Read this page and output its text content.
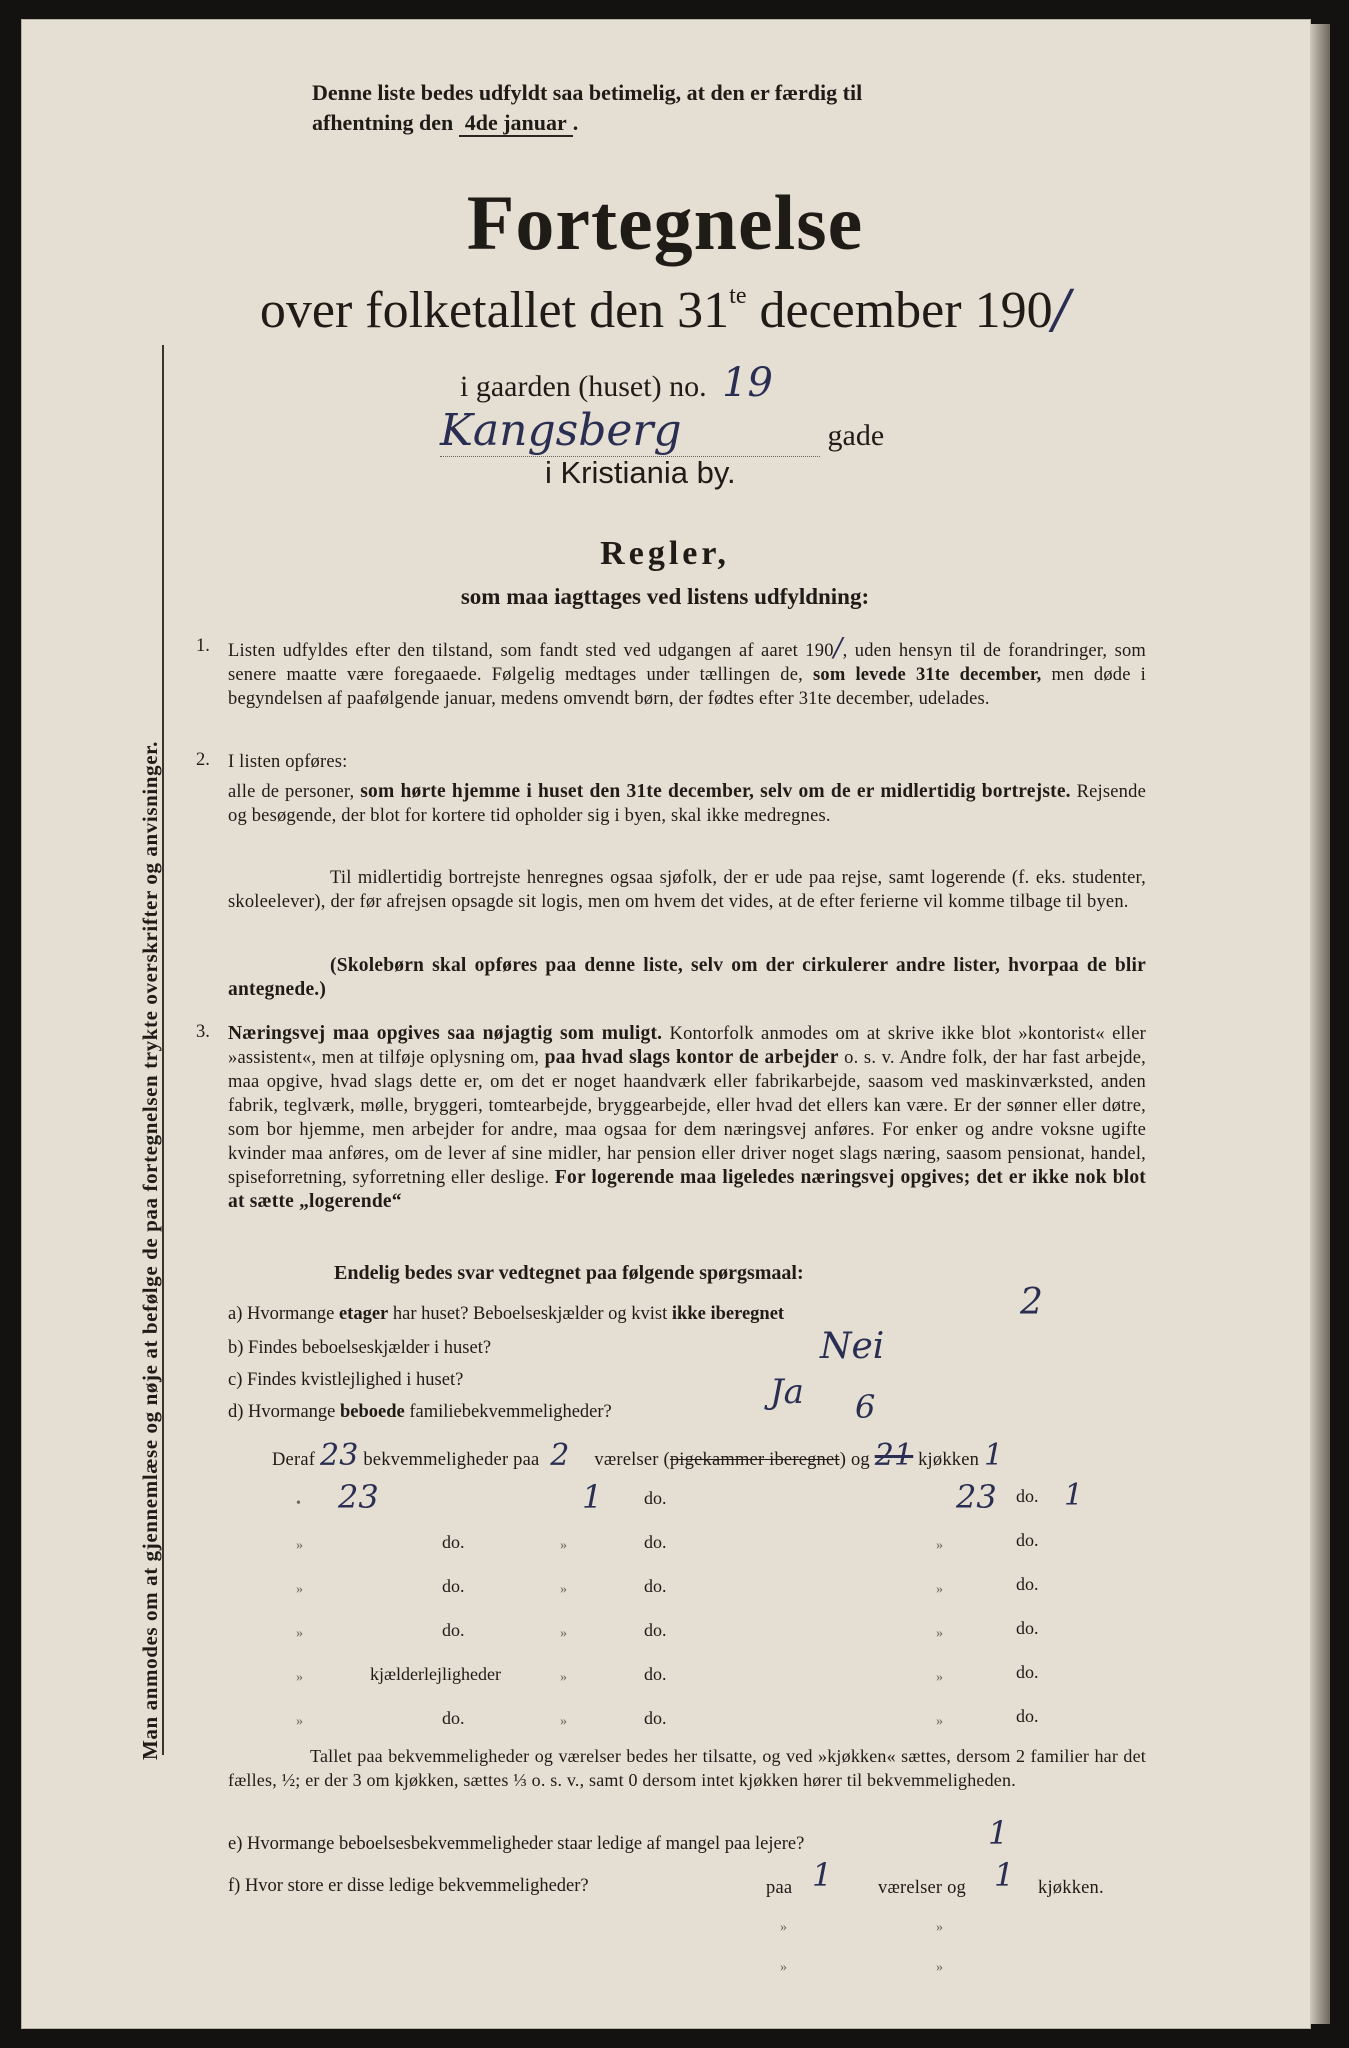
Man anmodes om at gjennemlæse og nøje at befølge de paa fortegnelsen trykte overskrifter og anvisninger.
Denne liste bedes udfyldt saa betimelig, at den er færdig til
afhentning den 4de januar .
Fortegnelse
over folketallet den $31^{te}$ december 190/
i gaarden (huset) no. 19
Kangsberg	gade
i Kristiania by.
Regler,
som maa iagttages ved listens udfyldning:
1. Listen udfyldes efter den tilstand, som fandt sted ved udgangen af aaret 190/, uden hensyn til de forandringer, som senere maatte være foregaaede. Følgelig medtages under tællingen de, som levede 31te december, men døde i begyndelsen af paafølgende januar, medens omvendt børn, der fødtes efter 31te december, udelades.
2. I listen opføres:
alle de personer, som hørte hjemme i huset den 31te december, selv om de er midlertidig bortrejste. Rejsende og besøgende, der blot for kortere tid opholder sig i byen, skal ikke medregnes.
Til midlertidig bortrejste henregnes ogsaa sjøfolk, der er ude paa rejse, samt logerende (f. eks. studenter, skoleelever), der før afrejsen opsagde sit logis, men om hvem det vides, at de efter ferierne vil komme tilbage til byen.
(Skolebørn skal opføres paa denne liste, selv om der cirkulerer andre lister, hvorpaa de blir antegnede.)
3. Næringsvej maa opgives saa nøjagtig som muligt. Kontorfolk anmodes om at skrive ikke blot »kontorist« eller »assistent«, men at tilføje oplysning om, paa hvad slags kontor de arbejder o. s. v. Andre folk, der har fast arbejde, maa opgive, hvad slags dette er, om det er noget haandværk eller fabrikarbejde, saasom ved maskinværksted, anden fabrik, teglværk, mølle, bryggeri, tomtearbejde, bryggearbejde, eller hvad det ellers kan være. Er der sønner eller døtre, som bor hjemme, men arbejder for andre, maa ogsaa for dem næringsvej anføres. For enker og andre voksne ugifte kvinder maa anføres, om de lever af sine midler, har pension eller driver noget slags næring, saasom pensionat, handel, spiseforretning, syforretning eller deslige. For logerende maa ligeledes næringsvej opgives; det er ikke nok blot at sætte „logerende“
Endelig bedes svar vedtegnet paa følgende spørgsmaal:
a) Hvormange etager har huset? Beboelseskjælder og kvist ikke iberegnet	2
b) Findes beboelseskjælder i huset?	Nei
c) Findes kvistlejlighed i huset?
d) Hvormange beboede familiebekvemmeligheder?	Ja 6
Deraf 23 bekvemmeligheder paa 2 værelser (pigekammer iberegnet) og 21 kjøkken 1
• 23	1 do.	23 do. 1
»	do.	»	do.	»	do.
»	do.	»	do.	»	do.
»	do.	»	do.	»	do.
»	kjælderlejligheder	»	do.	»	do.
»	do.	»	do.	»	do.
Tallet paa bekvemmeligheder og værelser bedes her tilsatte, og ved »kjøkken« sættes, dersom 2 familier har det fælles, ½; er der 3 om kjøkken, sættes ⅓ o. s. v., samt 0 dersom intet kjøkken hører til bekvemmeligheden.
e) Hvormange beboelsesbekvemmeligheder staar ledige af mangel paa lejere?	1
f) Hvor store er disse ledige bekvemmeligheder?	paa 1 værelser og 1 kjøkken.
»	»
»	»
